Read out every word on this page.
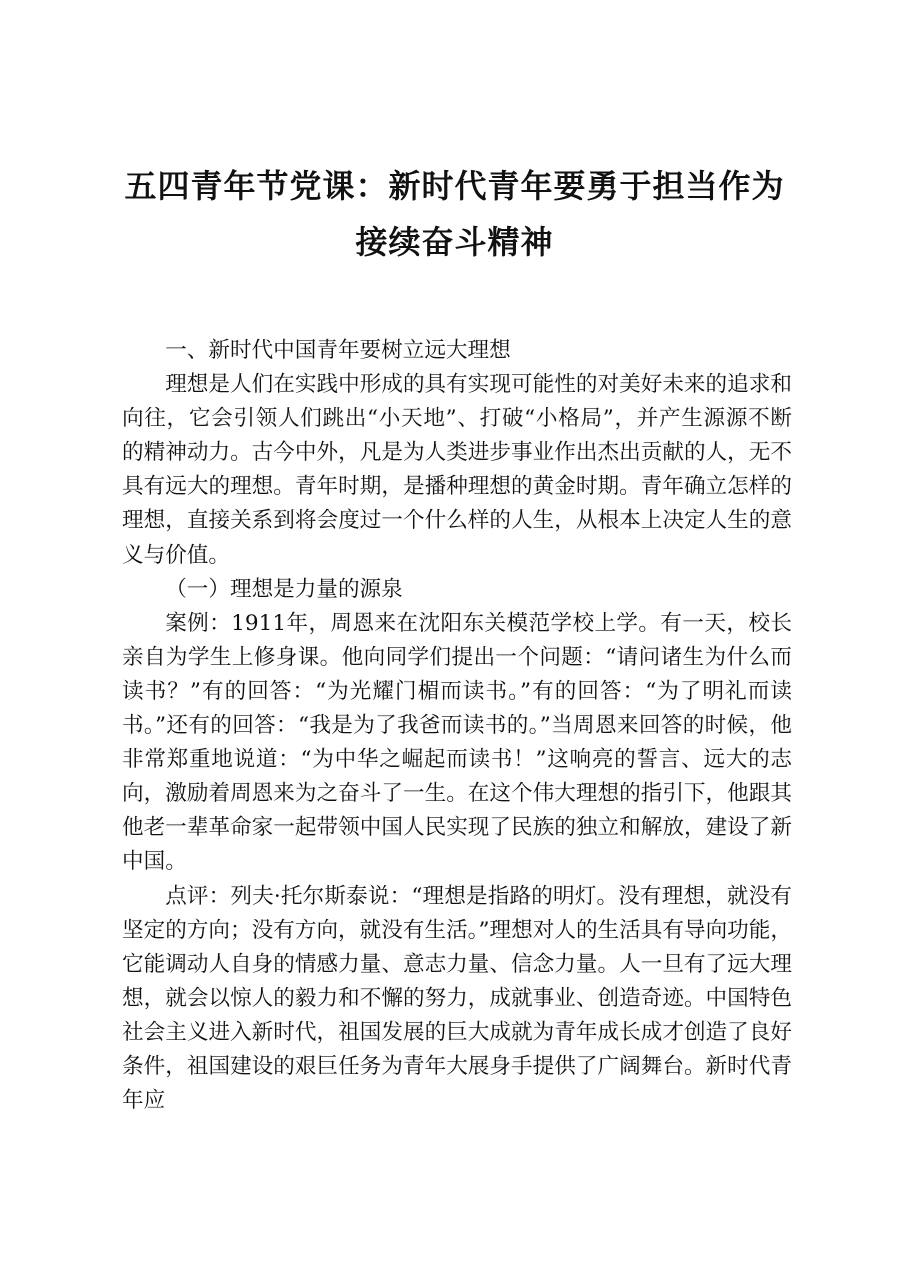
五四青年节党课：新时代青年要勇于担当作为
接续奋斗精神

一、新时代中国青年要树立远大理想

理想是人们在实践中形成的具有实现可能性的对美好未来的追求和向往，它会引领人们跳出“小天地”、打破“小格局”，并产生源源不断的精神动力。古今中外，凡是为人类进步事业作出杰出贡献的人，无不具有远大的理想。青年时期，是播种理想的黄金时期。青年确立怎样的理想，直接关系到将会度过一个什么样的人生，从根本上决定人生的意义与价值。

（一）理想是力量的源泉

案例：1911年，周恩来在沈阳东关模范学校上学。有一天，校长亲自为学生上修身课。他向同学们提出一个问题：“请问诸生为什么而读书？”有的回答：“为光耀门楣而读书。”有的回答：“为了明礼而读书。”还有的回答：“我是为了我爸而读书的。”当周恩来回答的时候，他非常郑重地说道：“为中华之崛起而读书！”这响亮的誓言、远大的志向，激励着周恩来为之奋斗了一生。在这个伟大理想的指引下，他跟其他老一辈革命家一起带领中国人民实现了民族的独立和解放，建设了新中国。

点评：列夫·托尔斯泰说：“理想是指路的明灯。没有理想，就没有坚定的方向；没有方向，就没有生活。”理想对人的生活具有导向功能，它能调动人自身的情感力量、意志力量、信念力量。人一旦有了远大理想，就会以惊人的毅力和不懈的努力，成就事业、创造奇迹。中国特色社会主义进入新时代，祖国发展的巨大成就为青年成长成才创造了良好条件，祖国建设的艰巨任务为青年大展身手提供了广阔舞台。新时代青年应
